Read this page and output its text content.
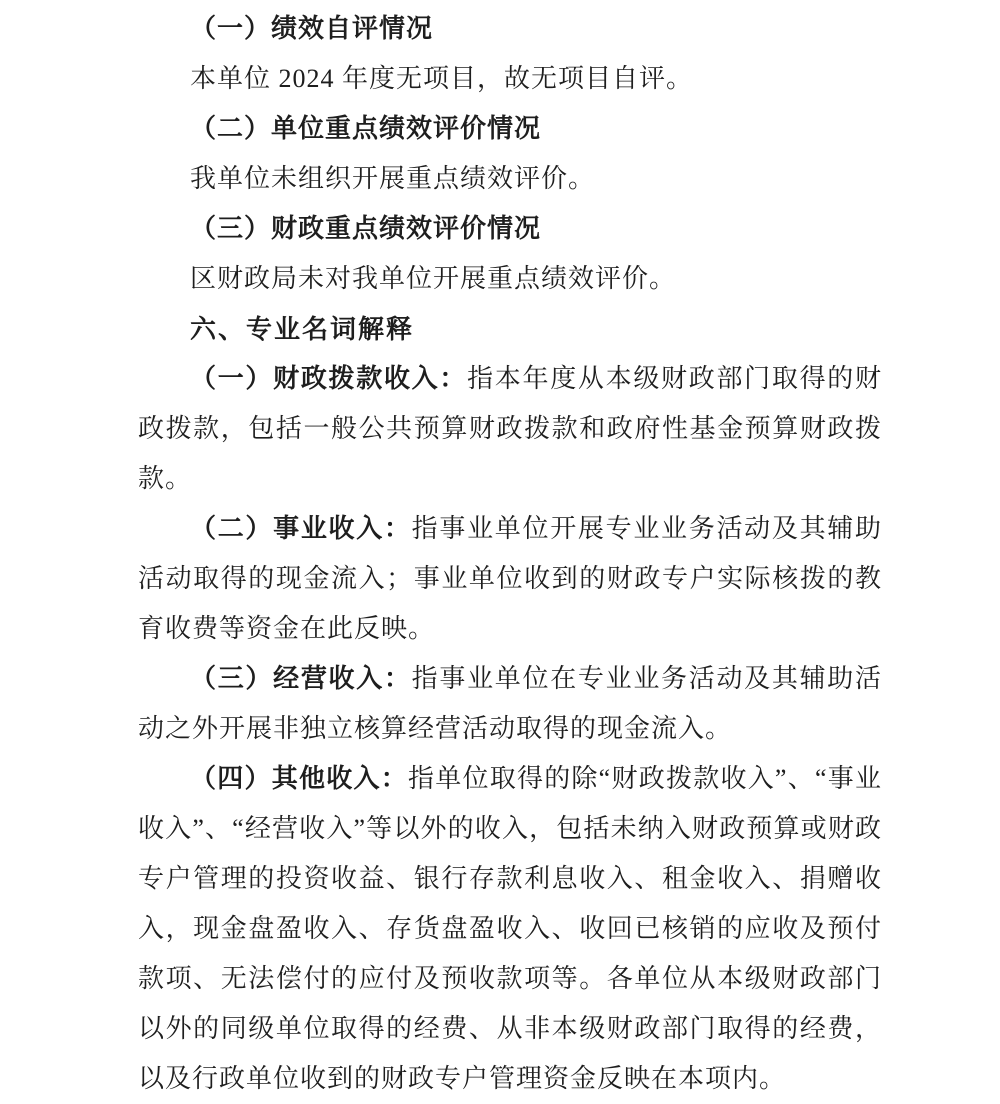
（一）绩效自评情况

本单位 2024 年度无项目，故无项目自评。

（二）单位重点绩效评价情况

我单位未组织开展重点绩效评价。

（三）财政重点绩效评价情况

区财政局未对我单位开展重点绩效评价。

六、专业名词解释

（一）财政拨款收入：指本年度从本级财政部门取得的财政拨款，包括一般公共预算财政拨款和政府性基金预算财政拨款。

（二）事业收入：指事业单位开展专业业务活动及其辅助活动取得的现金流入；事业单位收到的财政专户实际核拨的教育收费等资金在此反映。

（三）经营收入：指事业单位在专业业务活动及其辅助活动之外开展非独立核算经营活动取得的现金流入。

（四）其他收入：指单位取得的除“财政拨款收入”、“事业收入”、“经营收入”等以外的收入，包括未纳入财政预算或财政专户管理的投资收益、银行存款利息收入、租金收入、捐赠收入，现金盘盈收入、存货盘盈收入、收回已核销的应收及预付款项、无法偿付的应付及预收款项等。各单位从本级财政部门以外的同级单位取得的经费、从非本级财政部门取得的经费，以及行政单位收到的财政专户管理资金反映在本项内。
